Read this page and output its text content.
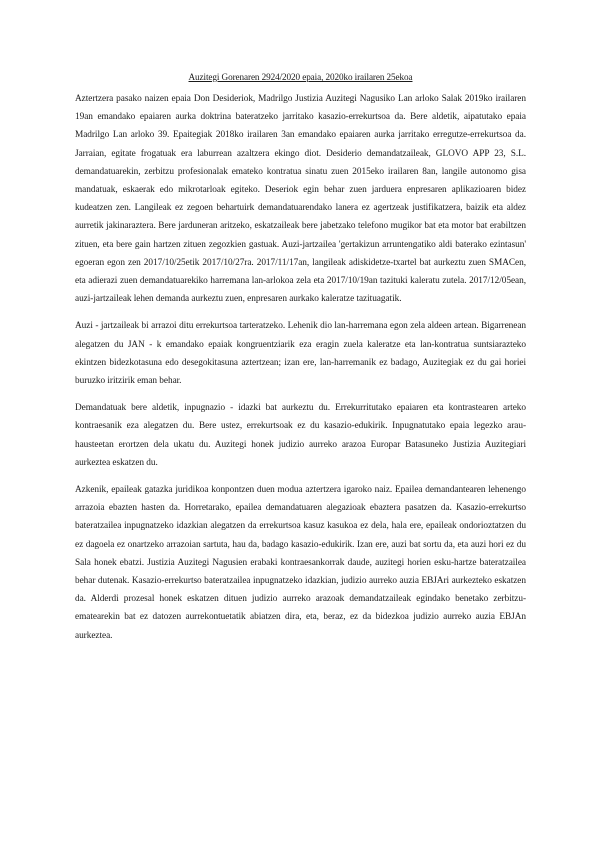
Auzitegi Gorenaren 2924/2020 epaia, 2020ko irailaren 25ekoa

Aztertzera pasako naizen epaia Don Desideriok, Madrilgo Justizia Auzitegi Nagusiko Lan arloko Salak 2019ko irailaren 19an emandako epaiaren aurka doktrina bateratzeko jarritako kasazio-errekurtsoa da. Bere aldetik, aipatutako epaia Madrilgo Lan arloko 39. Epaitegiak 2018ko irailaren 3an emandako epaiaren aurka jarritako erregutze-errekurtsoa da. Jarraian, egitate frogatuak era laburrean azaltzera ekingo diot. Desiderio demandatzaileak, GLOVO APP 23, S.L. demandatuarekin, zerbitzu profesionalak emateko kontratua sinatu zuen 2015eko irailaren 8an, langile autonomo gisa mandatuak, eskaerak edo mikrotarloak egiteko. Deseriok egin behar zuen jarduera enpresaren aplikazioaren bidez kudeatzen zen. Langileak ez zegoen behartuirk demandatuarendako lanera ez agertzeak justifikatzera, baizik eta aldez aurretik jakinaraztera. Bere jarduneran aritzeko, eskatzaileak bere jabetzako telefono mugikor bat eta motor bat erabiltzen zituen, eta bere gain hartzen zituen zegozkien gastuak. Auzi-jartzailea 'gertakizun arruntengatiko aldi baterako ezintasun' egoeran egon zen 2017/10/25etik 2017/10/27ra. 2017/11/17an, langileak adiskidetze-txartel bat aurkeztu zuen SMACen, eta adierazi zuen demandatuarekiko harremana lan-arlokoa zela eta 2017/10/19an tazituki kaleratu zutela. 2017/12/05ean, auzi-jartzaileak lehen demanda aurkeztu zuen, enpresaren aurkako kaleratze tazituagatik.

Auzi - jartzaileak bi arrazoi ditu errekurtsoa tarteratzeko. Lehenik dio lan-harremana egon zela aldeen artean. Bigarrenean alegatzen du JAN - k emandako epaiak kongruentziarik eza eragin zuela kaleratze eta lan-kontratua suntsiarazteko ekintzen bidezkotasuna edo desegokitasuna aztertzean; izan ere, lan-harremanik ez badago, Auzitegiak ez du gai horiei buruzko iritzirik eman behar.

Demandatuak bere aldetik, inpugnazio - idazki bat aurkeztu du. Errekurritutako epaiaren eta kontrastearen arteko kontraesanik eza alegatzen du. Bere ustez, errekurtsoak ez du kasazio-edukirik. Inpugnatutako epaia legezko arau-hausteetan erortzen dela ukatu du. Auzitegi honek judizio aurreko arazoa Europar Batasuneko Justizia Auzitegiari aurkeztea eskatzen du.

Azkenik, epaileak gatazka juridikoa konpontzen duen modua aztertzera igaroko naiz. Epailea demandantearen lehenengo arrazoia ebazten hasten da. Horretarako, epailea demandatuaren alegazioak ebaztera pasatzen da. Kasazio-errekurtso bateratzailea inpugnatzeko idazkian alegatzen da errekurtsoa kasuz kasukoa ez dela, hala ere, epaileak ondorioztatzen du ez dagoela ez onartzeko arrazoian sartuta, hau da, badago kasazio-edukirik. Izan ere, auzi bat sortu da, eta auzi hori ez du Sala honek ebatzi. Justizia Auzitegi Nagusien erabaki kontraesankorrak daude, auzitegi horien esku-hartze bateratzailea behar dutenak. Kasazio-errekurtso bateratzailea inpugnatzeko idazkian, judizio aurreko auzia EBJAri aurkezteko eskatzen da. Alderdi prozesal honek eskatzen dituen judizio aurreko arazoak demandatzaileak egindako benetako zerbitzu-ematearekin bat ez datozen aurrekontuetatik abiatzen dira, eta, beraz, ez da bidezkoa judizio aurreko auzia EBJAn aurkeztea.
